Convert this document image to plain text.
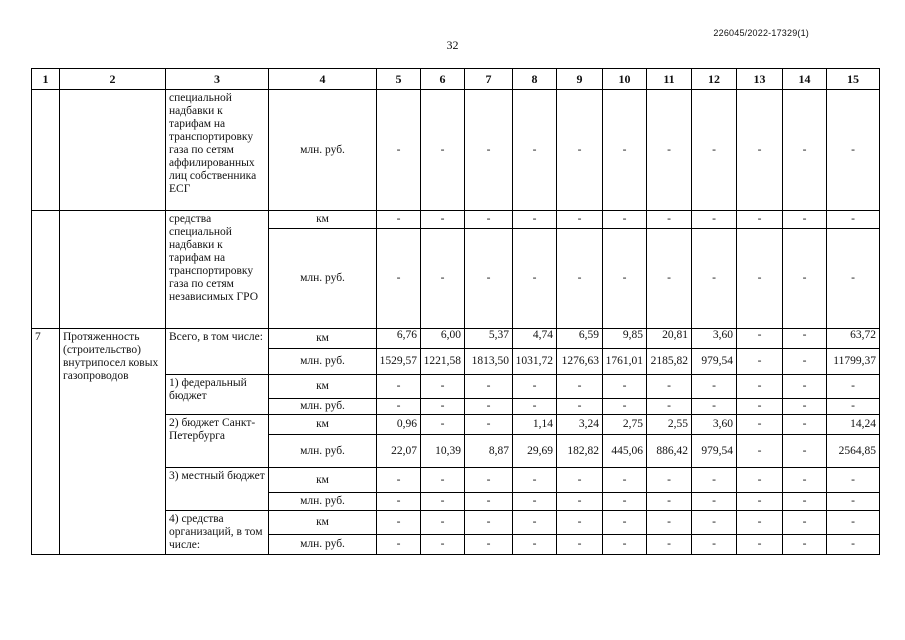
226045/2022-17329(1)
32
1	2	3	4	5	6	7	8	9	10	11	12	13	14	15
		специальной надбавки к тарифам на транспортировку газа по сетям аффилированных лиц собственника ЕСГ	млн. руб.	-	-	-	-	-	-	-	-	-	-	-
		средства специальной надбавки к тарифам на транспортировку газа по сетям независимых ГРО	км	-	-	-	-	-	-	-	-	-	-	-
			млн. руб.	-	-	-	-	-	-	-	-	-	-	-
7	Протяженность (строительство) внутрипосел ковых газопроводов	Всего, в том числе:	км	6,76	6,00	5,37	4,74	6,59	9,85	20,81	3,60	-	-	63,72
			млн. руб.	1529,57	1221,58	1813,50	1031,72	1276,63	1761,01	2185,82	979,54	-	-	11799,37
		1) федеральный бюджет	км	-	-	-	-	-	-	-	-	-	-	-
			млн. руб.	-	-	-	-	-	-	-	-	-	-	-
		2) бюджет Санкт-Петербурга	км	0,96	-	-	1,14	3,24	2,75	2,55	3,60	-	-	14,24
			млн. руб.	22,07	10,39	8,87	29,69	182,82	445,06	886,42	979,54	-	-	2564,85
		3) местный бюджет	км	-	-	-	-	-	-	-	-	-	-	-
			млн. руб.	-	-	-	-	-	-	-	-	-	-	-
		4) средства организаций, в том числе:	км	-	-	-	-	-	-	-	-	-	-	-
			млн. руб.	-	-	-	-	-	-	-	-	-	-	-
